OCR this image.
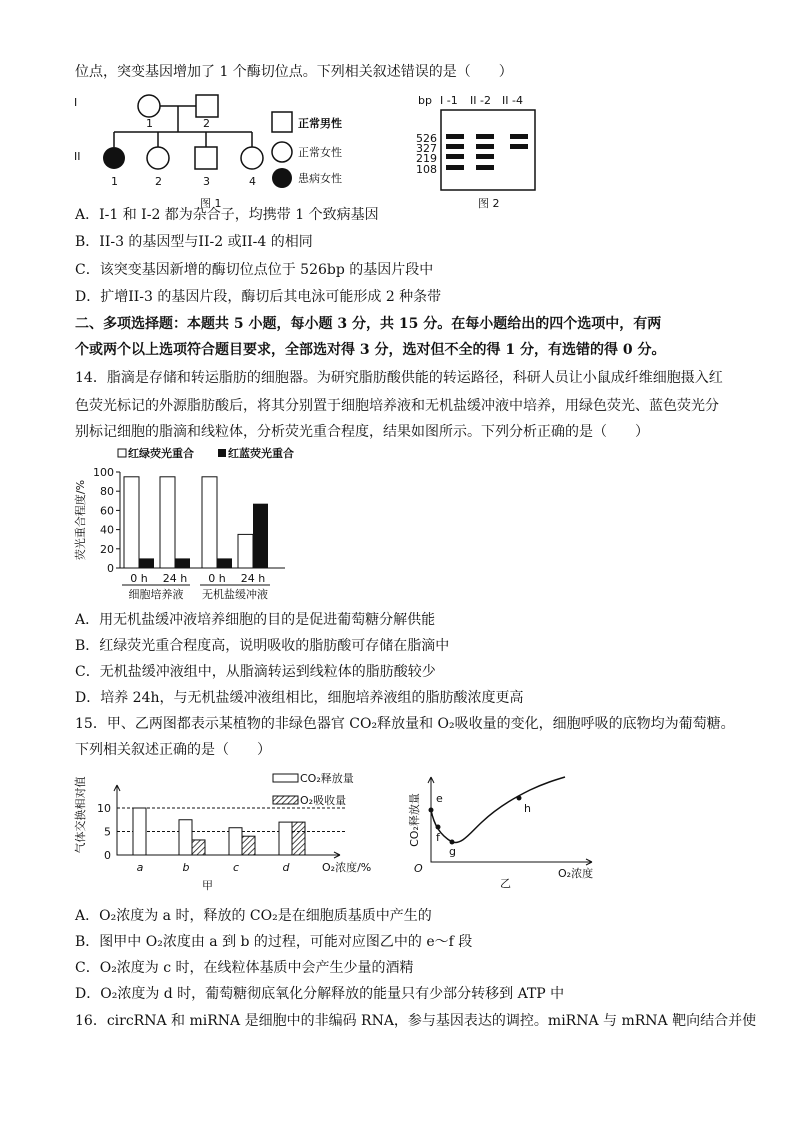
位点，突变基因增加了 1 个酶切位点。下列相关叙述错误的是（　　）
I
II
1	2
1	2	3	4
正常男性
正常女性
患病女性
图 1
bp I -1 II -2 II -4
526
327
219
108
图 2
A．I-1 和 I-2 都为杂合子，均携带 1 个致病基因
B．II-3 的基因型与II-2 或II-4 的相同
C．该突变基因新增的酶切位点位于 526bp 的基因片段中
D．扩增II-3 的基因片段，酶切后其电泳可能形成 2 种条带
二、多项选择题：本题共 5 小题，每小题 3 分，共 15 分。在每小题给出的四个选项中，有两
个或两个以上选项符合题目要求，全部选对得 3 分，选对但不全的得 1 分，有选错的得 0 分。
14．脂滴是存储和转运脂肪的细胞器。为研究脂肪酸供能的转运路径，科研人员让小鼠成纤维细胞摄入红
色荧光标记的外源脂肪酸后，将其分别置于细胞培养液和无机盐缓冲液中培养，用绿色荧光、蓝色荧光分
别标记细胞的脂滴和线粒体，分析荧光重合程度，结果如图所示。下列分析正确的是（　　）
红绿荧光重合	红蓝荧光重合
0
20
40
60
80
100
荧光重合程度/%
0 h 24 h 0 h 24 h
细胞培养液 无机盐缓冲液
A．用无机盐缓冲液培养细胞的目的是促进葡萄糖分解供能
B．红绿荧光重合程度高，说明吸收的脂肪酸可存储在脂滴中
C．无机盐缓冲液组中，从脂滴转运到线粒体的脂肪酸较少
D．培养 24h，与无机盐缓冲液组相比，细胞培养液组的脂肪酸浓度更高
15．甲、乙两图都表示某植物的非绿色器官 CO₂释放量和 O₂吸收量的变化，细胞呼吸的底物均为葡萄糖。
下列相关叙述正确的是（　　）
0
5
10
气体交换相对值
a	b	c	d	O₂浓度/%
甲
CO₂释放量
O₂吸收量	e
f
g
h
CO₂释放量
O	O₂浓度
乙
A．O₂浓度为 a 时，释放的 CO₂是在细胞质基质中产生的
B．图甲中 O₂浓度由 a 到 b 的过程，可能对应图乙中的 e～f 段
C．O₂浓度为 c 时，在线粒体基质中会产生少量的酒精
D．O₂浓度为 d 时，葡萄糖彻底氧化分解释放的能量只有少部分转移到 ATP 中
16．circRNA 和 miRNA 是细胞中的非编码 RNA，参与基因表达的调控。miRNA 与 mRNA 靶向结合并使
